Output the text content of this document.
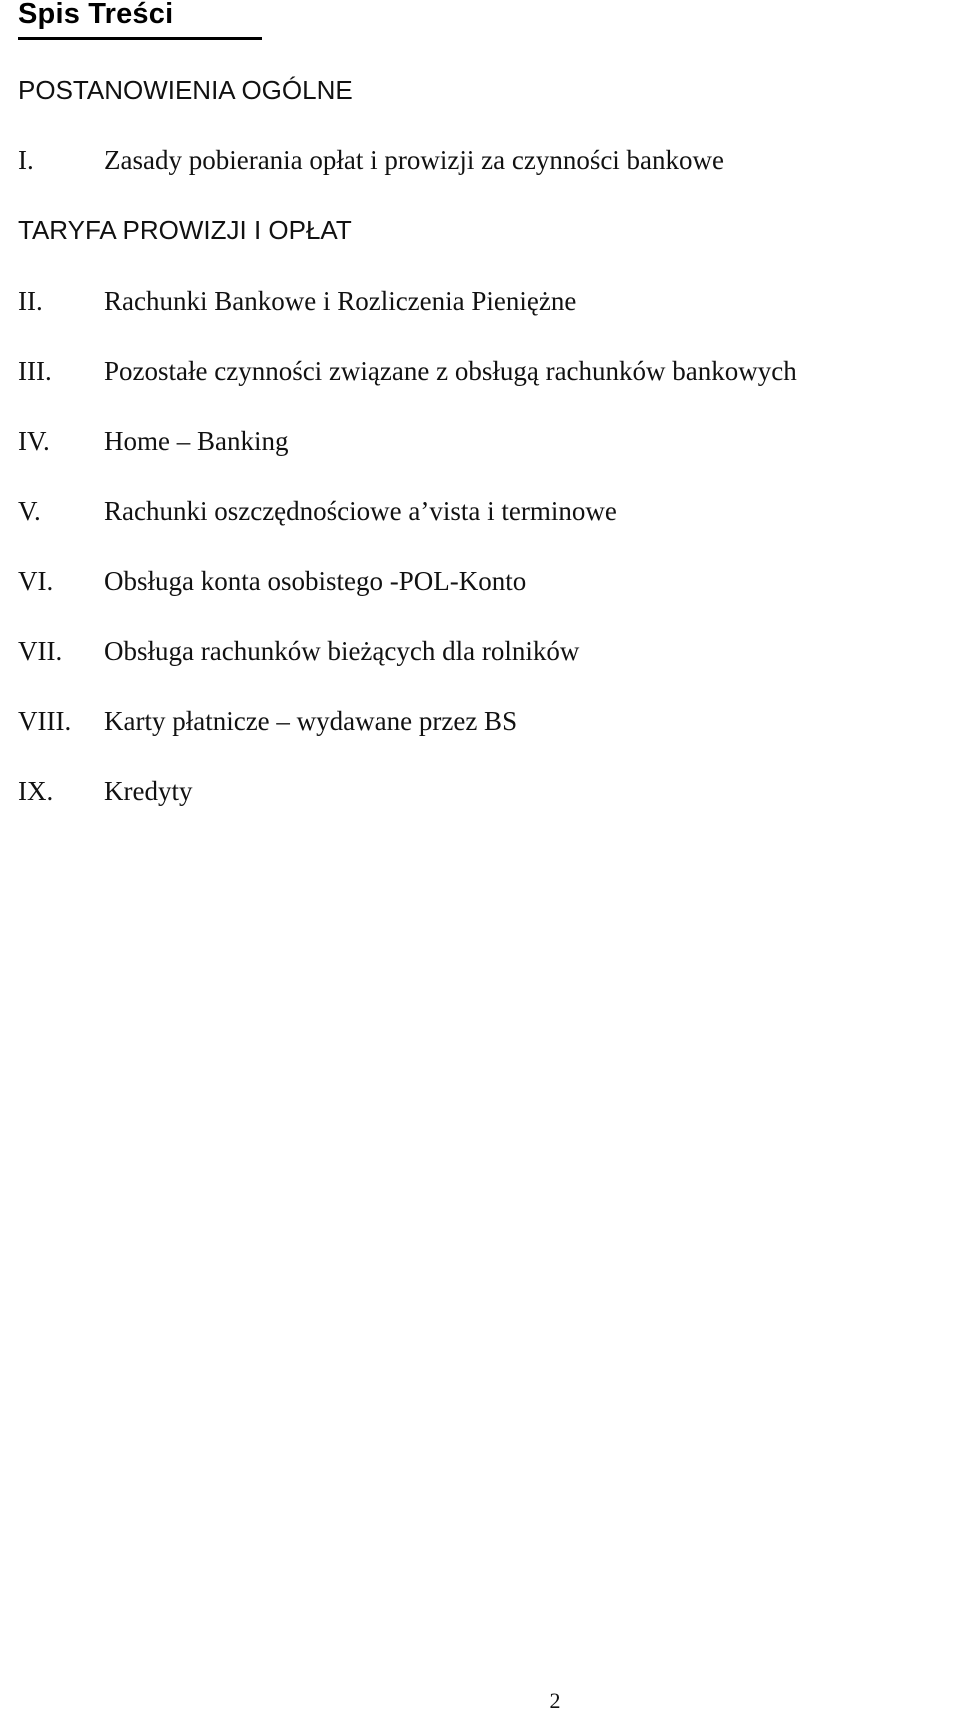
Spis Treści
POSTANOWIENIA OGÓLNE
I.	Zasady pobierania opłat i prowizji za czynności bankowe
TARYFA PROWIZJI I OPŁAT
II. Rachunki Bankowe i Rozliczenia Pieniężne
III. Pozostałe czynności związane z obsługą rachunków bankowych
IV. Home – Banking
V. Rachunki oszczędnościowe a’vista i terminowe
VI. Obsługa konta osobistego -POL-Konto
VII. Obsługa rachunków bieżących dla rolników
VIII. Karty płatnicze – wydawane przez BS
IX. Kredyty
2
